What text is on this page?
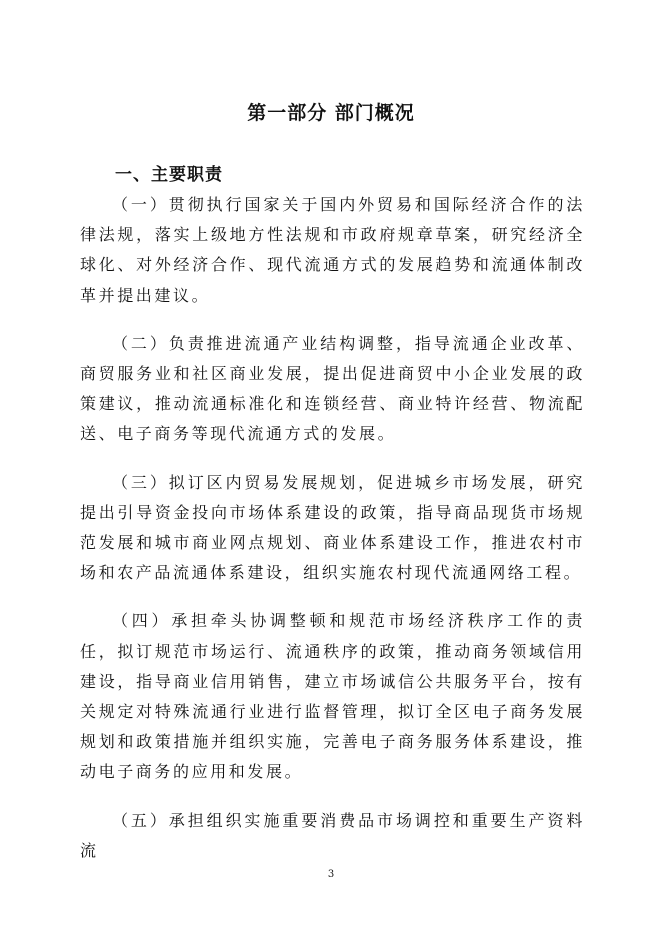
第一部分 部门概况
一、主要职责

（一）贯彻执行国家关于国内外贸易和国际经济合作的法律法规，落实上级地方性法规和市政府规章草案，研究经济全球化、对外经济合作、现代流通方式的发展趋势和流通体制改革并提出建议。

（二）负责推进流通产业结构调整，指导流通企业改革、商贸服务业和社区商业发展，提出促进商贸中小企业发展的政策建议，推动流通标准化和连锁经营、商业特许经营、物流配送、电子商务等现代流通方式的发展。

（三）拟订区内贸易发展规划，促进城乡市场发展，研究提出引导资金投向市场体系建设的政策，指导商品现货市场规范发展和城市商业网点规划、商业体系建设工作，推进农村市场和农产品流通体系建设，组织实施农村现代流通网络工程。

（四）承担牵头协调整顿和规范市场经济秩序工作的责任，拟订规范市场运行、流通秩序的政策，推动商务领域信用建设，指导商业信用销售，建立市场诚信公共服务平台，按有关规定对特殊流通行业进行监督管理，拟订全区电子商务发展规划和政策措施并组织实施，完善电子商务服务体系建设，推动电子商务的应用和发展。

（五）承担组织实施重要消费品市场调控和重要生产资料流

3
